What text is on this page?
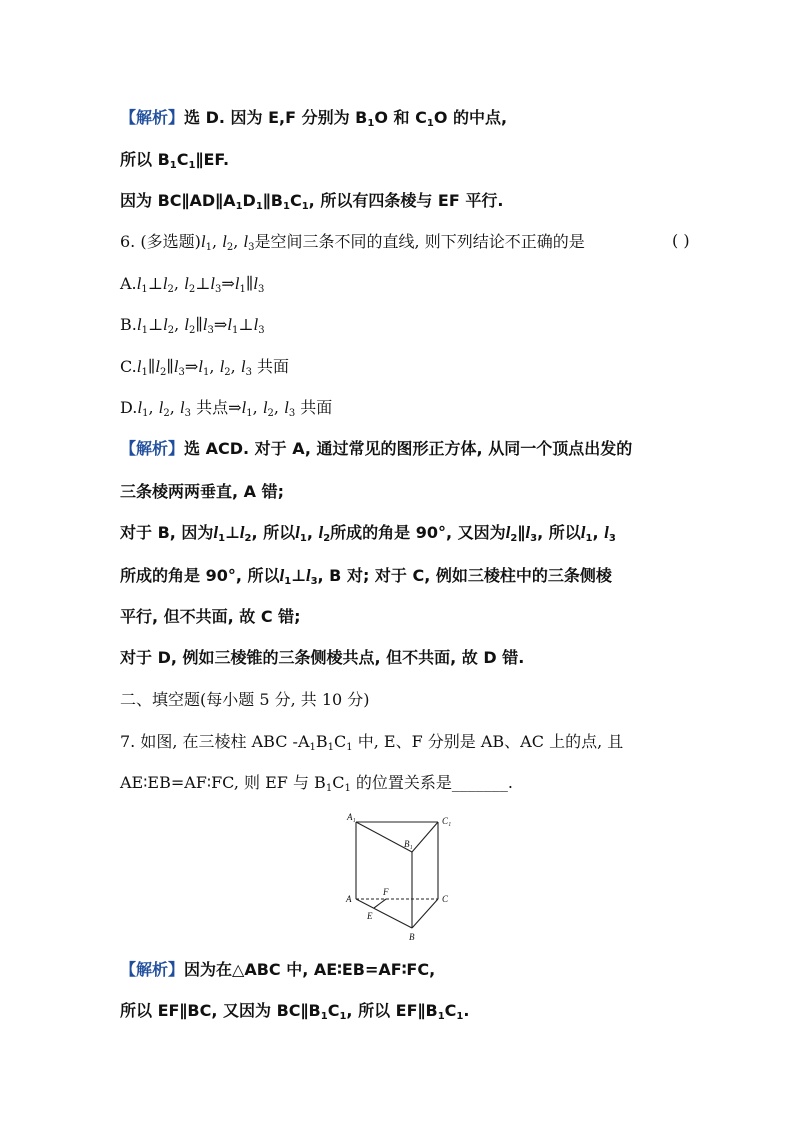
【解析】选 D. 因为 E,F 分别为 $B_1O$ 和 $C_1O$ 的中点,
所以 $B_1C_1\parallel EF$.
因为 $BC\parallel AD\parallel A_1D_1\parallel B_1C_1$, 所以有四条棱与 EF 平行.
6. (多选题)$l_1$, $l_2$, $l_3$是空间三条不同的直线, 则下列结论不正确的是	( )
$A.l_1\perp l_2$, $l_2\perp l_3\Rightarrow l_1\parallel l_3$
$B.l_1\perp l_2$, $l_2\parallel l_3\Rightarrow l_1\perp l_3$
$C.l_1\parallel l_2\parallel l_3\Rightarrow l_1$, $l_2$, $l_3$ 共面
$D.l_1$, $l_2$, $l_3$ 共点$\Rightarrow l_1$, $l_2$, $l_3$ 共面
【解析】选 ACD. 对于 A, 通过常见的图形正方体, 从同一个顶点出发的
三条棱两两垂直, A 错;
对于 B, 因为$l_1\perp l_2$, 所以$l_1$, $l_2$所成的角是 90°, 又因为$l_2\parallel l_3$, 所以$l_1$, $l_3$
所成的角是 90°, 所以$l_1\perp l_3$, B 对; 对于 C, 例如三棱柱中的三条侧棱
平行, 但不共面, 故 C 错;
对于 D, 例如三棱锥的三条侧棱共点, 但不共面, 故 D 错.
二、填空题(每小题 5 分, 共 10 分)
7. 如图, 在三棱柱 ABC $-A_1B_1C_1$ 中, E、F 分别是 AB、AC 上的点, 且
AE∶EB=AF∶FC, 则 EF 与 $B_1C_1$ 的位置关系是_______.
A₁	C₁
B₁
A
F
C
E
B
【解析】因为在△ABC 中, AE∶EB=AF∶FC,
所以 EF∥BC, 又因为 $BC\parallel B_1C_1$, 所以 $EF\parallel B_1C_1$.
